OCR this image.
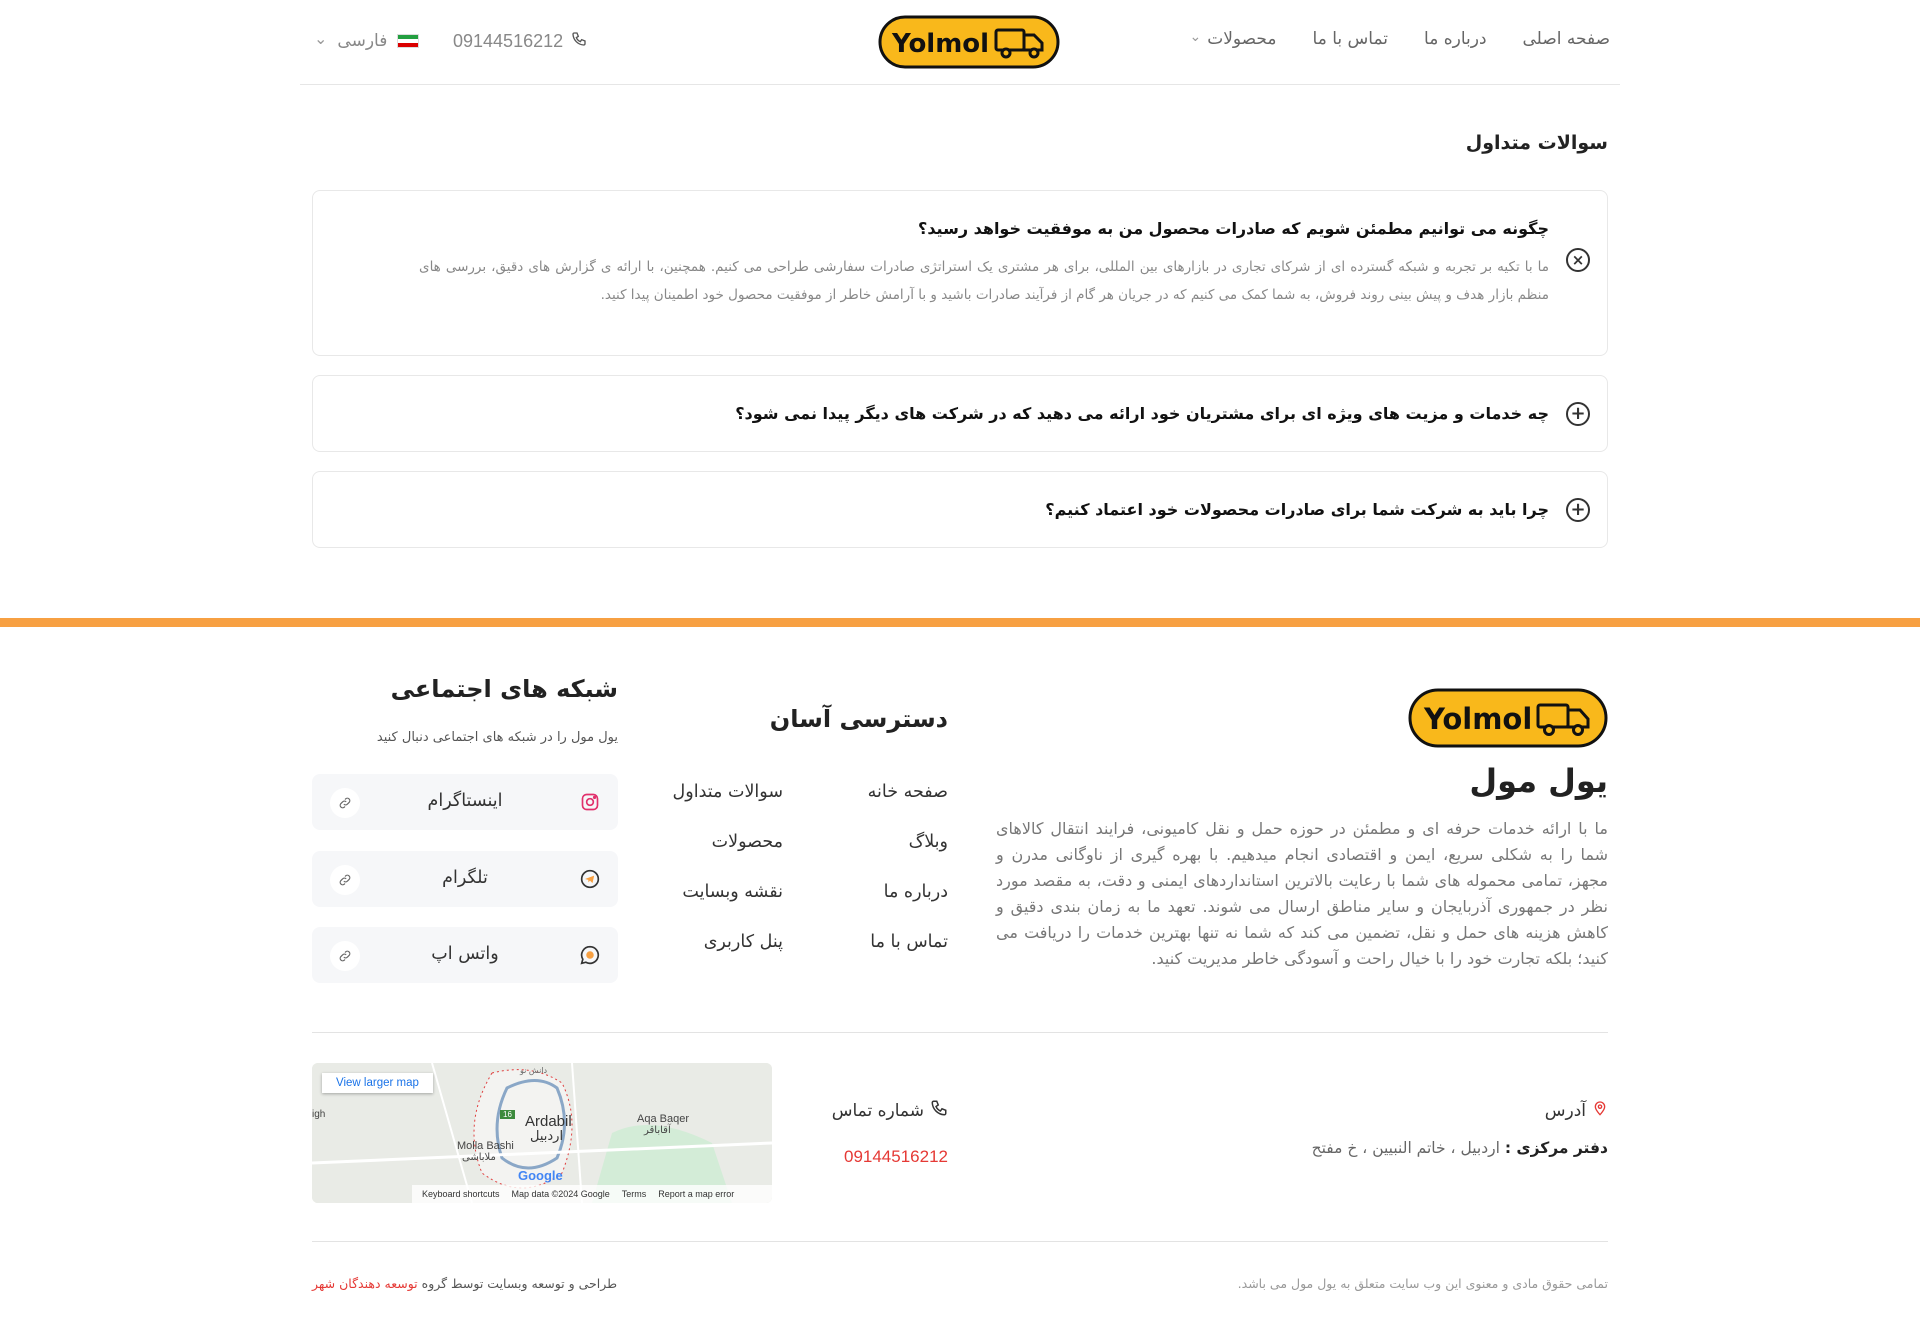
صفحه اصلی
درباره ما
تماس با ما
محصولات ⌄
Yolmol
09144516212
⌄ فارسی
سوالات متداول
چگونه می توانیم مطمئن شویم که صادرات محصول من به موفقیت خواهد رسید؟
ما با تکیه بر تجربه و شبکه گسترده ای از شرکای تجاری در بازارهای بین المللی، برای هر مشتری یک استراتژی صادرات سفارشی طراحی می کنیم. همچنین، با ارائه ی گزارش های دقیق، بررسی های منظم بازار هدف و پیش بینی روند فروش، به شما کمک می کنیم که در جریان هر گام از فرآیند صادرات باشید و با آرامش خاطر از موفقیت محصول خود اطمینان پیدا کنید.
×
چه خدمات و مزیت های ویژه ای برای مشتریان خود ارائه می دهید که در شرکت های دیگر پیدا نمی شود؟ +
چرا باید به شرکت شما برای صادرات محصولات خود اعتماد کنیم؟ +
Yolmol
یول مول
ما با ارائه خدمات حرفه ای و مطمئن در حوزه حمل و نقل کامیونی، فرایند انتقال کالاهای شما را به شکلی سریع، ایمن و اقتصادی انجام میدهیم. با بهره گیری از ناوگانی مدرن و مجهز، تمامی محموله های شما با رعایت بالاترین استانداردهای ایمنی و دقت، به مقصد مورد نظر در جمهوری آذربایجان و سایر مناطق ارسال می شوند. تعهد ما به زمان بندی دقیق و کاهش هزینه های حمل و نقل، تضمین می کند که شما نه تنها بهترین خدمات را دریافت می کنید؛ بلکه تجارت خود را با خیال راحت و آسودگی خاطر مدیریت کنید.
دسترسی آسان
صفحه خانه
وبلاگ
درباره ما
تماس با ما
سوالات متداول
محصولات
نقشه وبسایت
پنل کاربری
شبکه های اجتماعی
یول مول را در شبکه های اجتماعی دنبال کنید
اینستاگرام
تلگرام
واتس اپ
آدرس
دفتر مرکزی : اردبیل ، خاتم النبیین ، خ مفتح
شماره تماس
09144516212
View larger map
Ardabil
اردبیل
Molla Bashi
ملاباشی
Aqa Baqer
آقاباقر
16
igh
دانش نو
Google
Keyboard shortcuts Map data ©2024 Google Terms Report a map error
تمامی حقوق مادی و معنوی این وب سایت متعلق به یول مول می باشد.
طراحی و توسعه وبسایت توسط گروه توسعه دهندگان شهر
